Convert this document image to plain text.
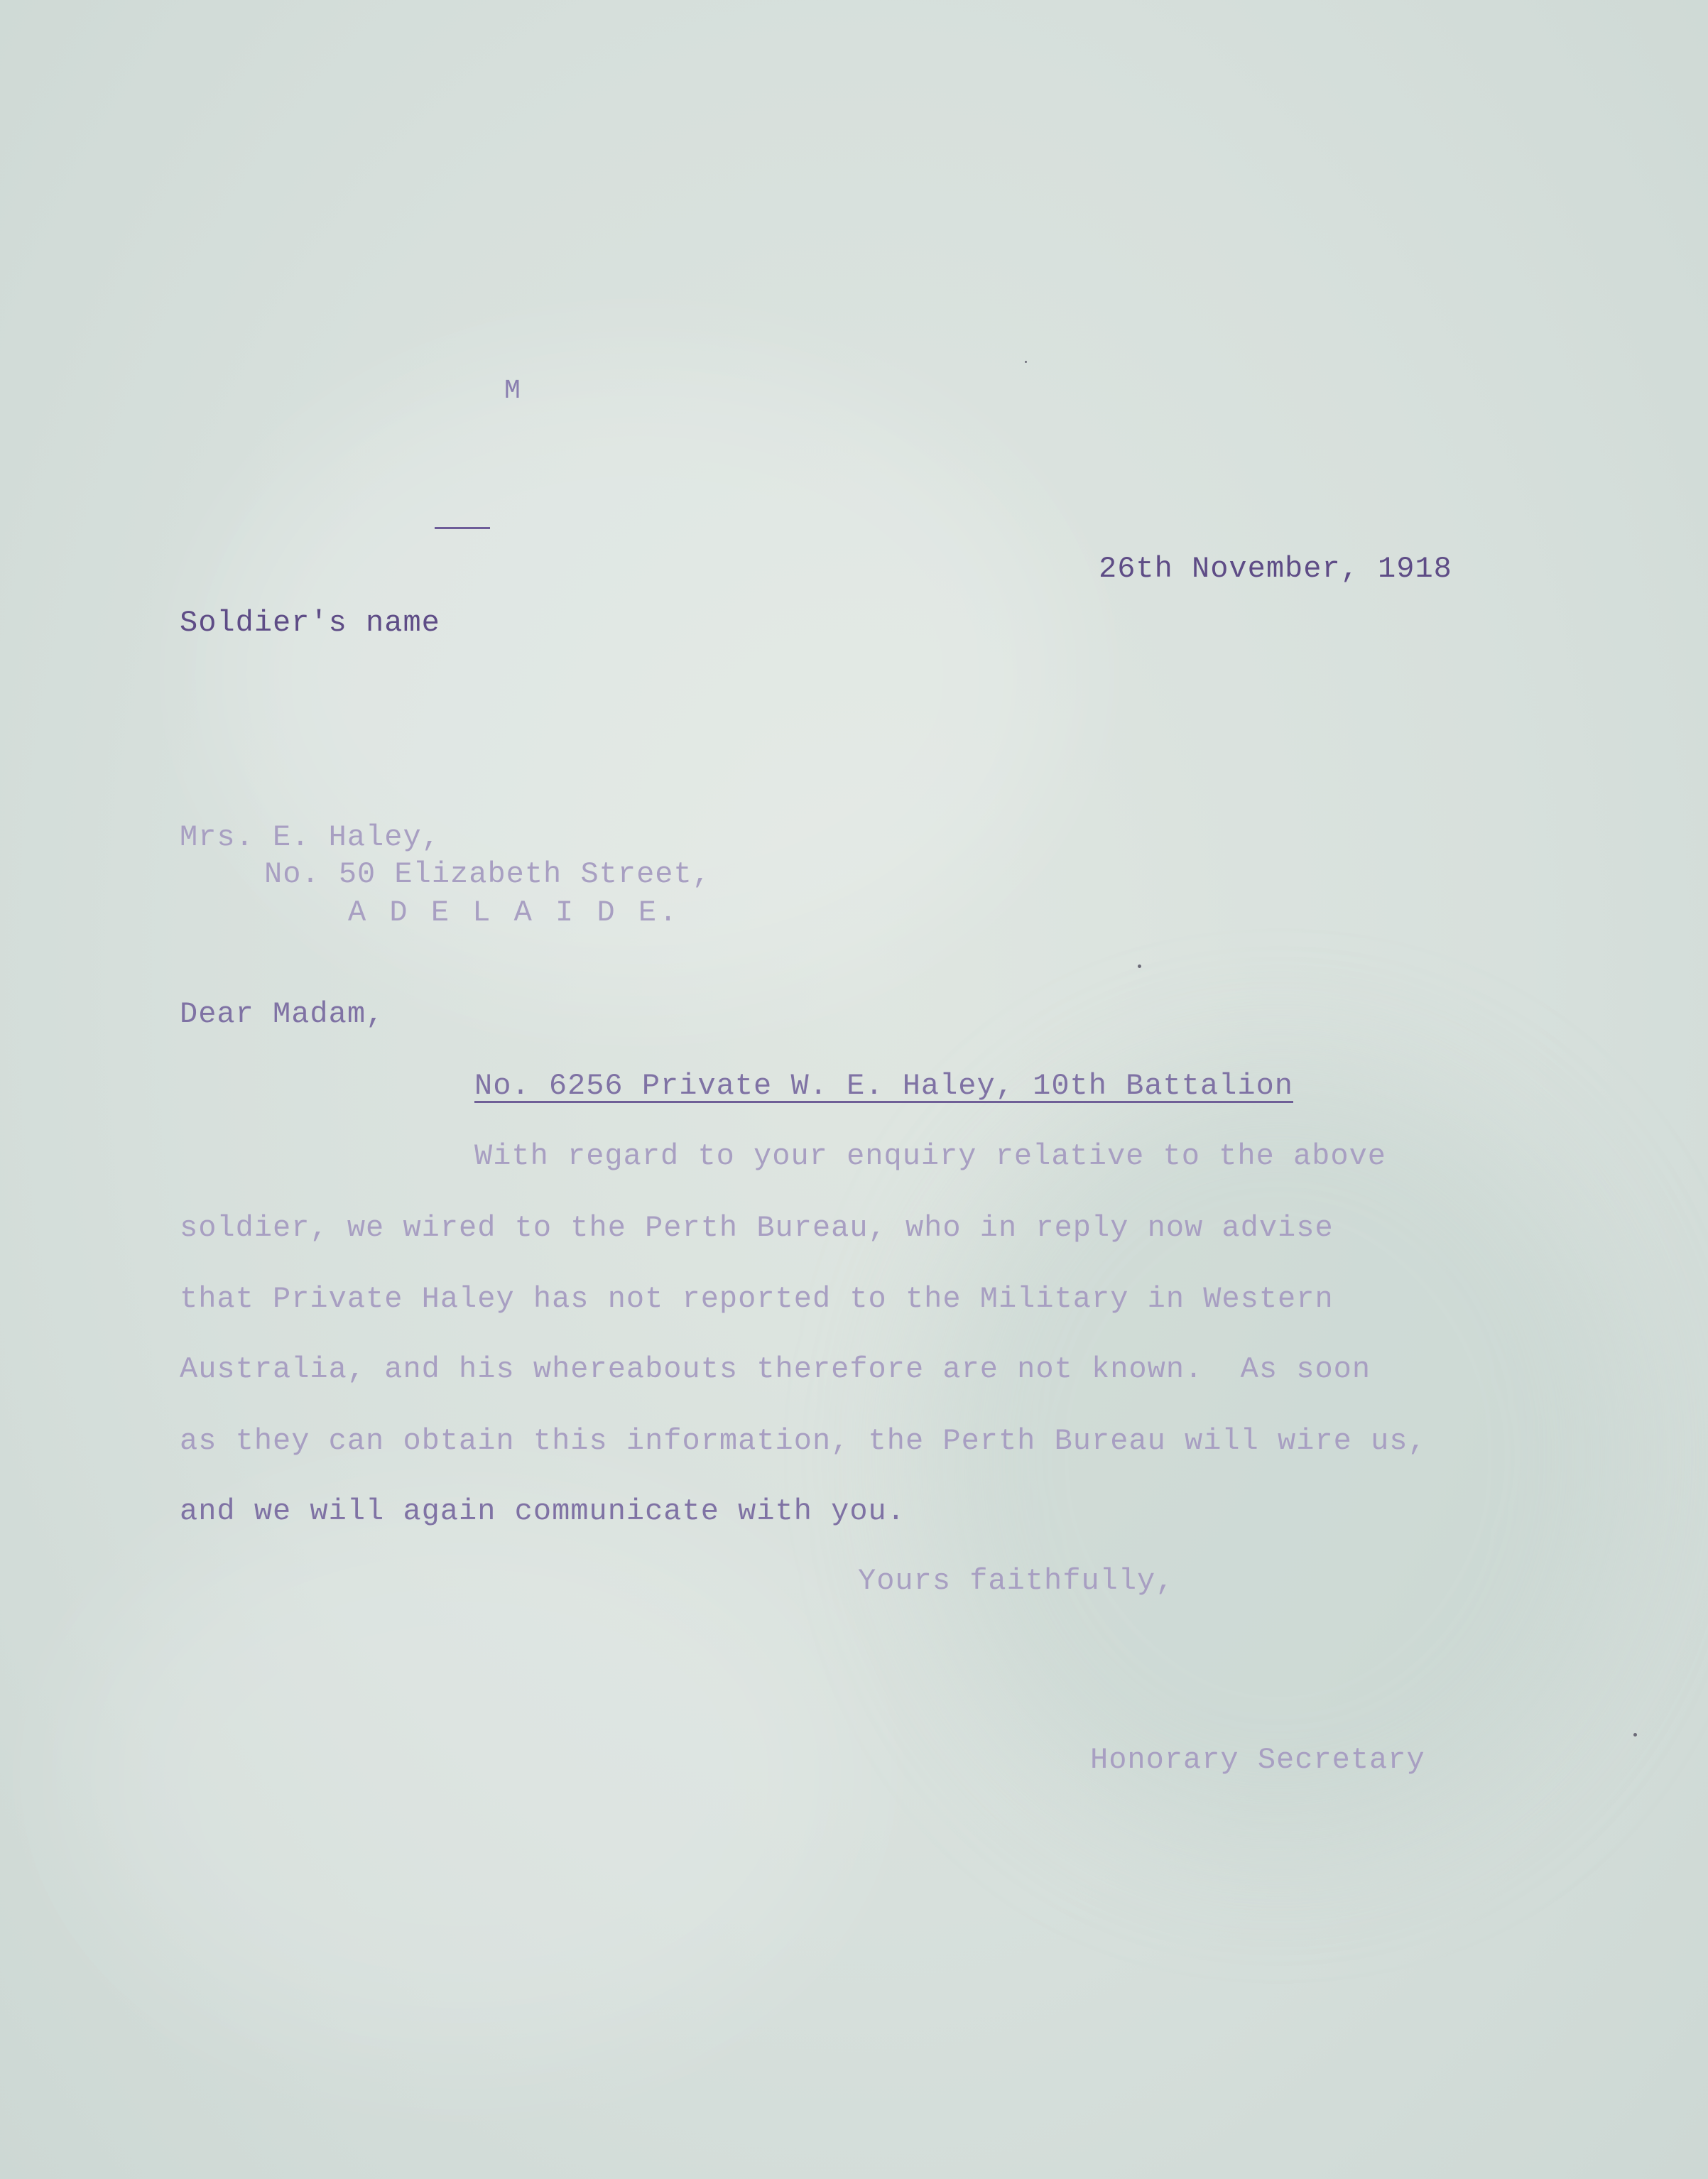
M
26th November, 1918
Soldier's name
Mrs. E. Haley,
No. 50 Elizabeth Street,
A D E L A I D E.
Dear Madam,
No. 6256 Private W. E. Haley, 10th Battalion
With regard to your enquiry relative to the above
soldier, we wired to the Perth Bureau, who in reply now advise
that Private Haley has not reported to the Military in Western
Australia, and his whereabouts therefore are not known.  As soon
as they can obtain this information, the Perth Bureau will wire us,
and we will again communicate with you.
Yours faithfully,
Honorary Secretary
